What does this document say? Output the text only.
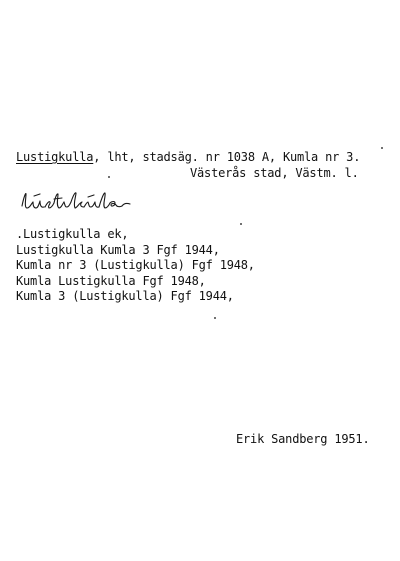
Lustigkulla, lht, stadsäg. nr 1038 A, Kumla nr 3.
Västerås stad, Västm. l.
.Lustigkulla ek,
Lustigkulla Kumla 3 Fgf 1944,
Kumla nr 3 (Lustigkulla) Fgf 1948,
Kumla Lustigkulla Fgf 1948,
Kumla 3 (Lustigkulla) Fgf 1944,
Erik Sandberg 1951.
